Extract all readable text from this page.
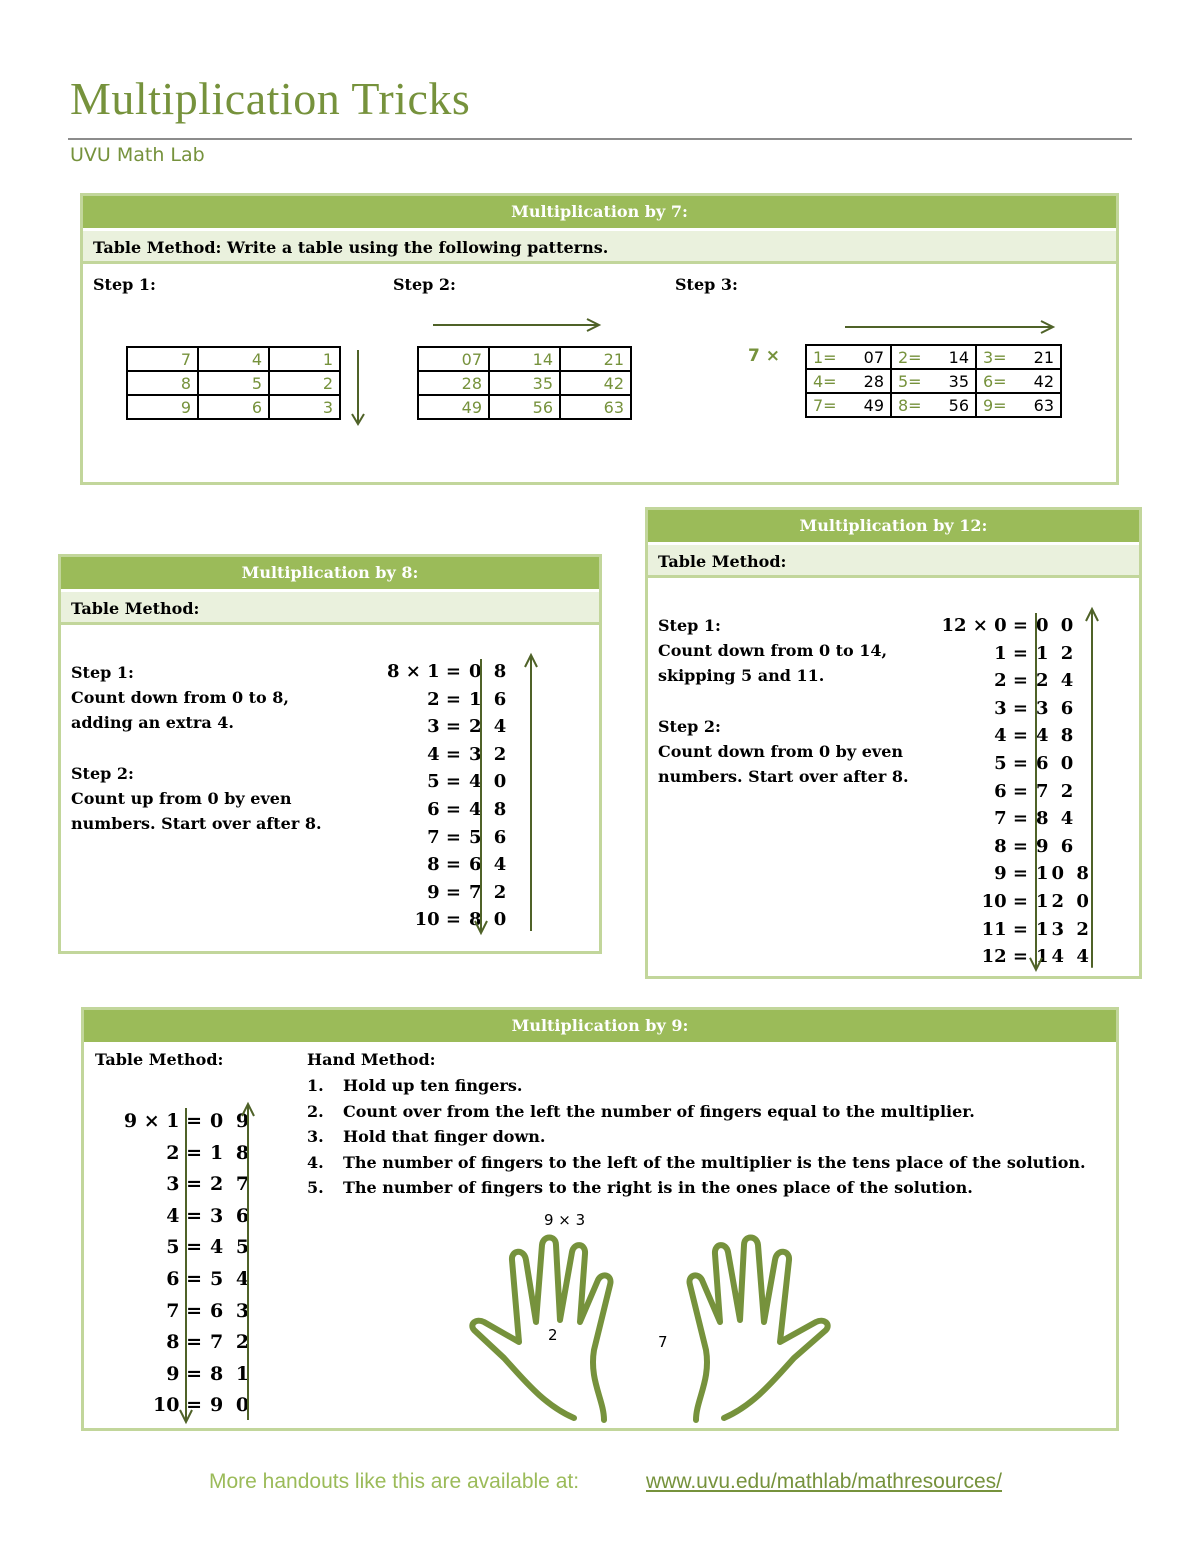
Multiplication Tricks
UVU Math Lab
Multiplication by 7:
Table Method: Write a table using the following patterns.
Step 1:	Step 2:	Step 3:
7	4	1
8	5	2
9	6	3
07	14	21
28	35	42
49	56	63
7 × 1= 07	2= 14	3= 21

4= 28	5= 35	6= 42

7= 49	8= 56	9= 63
Multiplication by 8:
Table Method:
Step 1:
Count down from 0 to 8,
adding an extra 4.
Step 2:
Count up from 0 by even
numbers. Start over after 8.
8 × 1 = 0 8
2 = 1 6
3 = 2 4
4 = 3 2
5 = 4 0
6 = 4 8
7 = 5 6
8 = 6 4
9 = 7 2
10 = 8 0
Multiplication by 12:
Table Method:
Step 1:
Count down from 0 to 14,
skipping 5 and 11.
Step 2:
Count down from 0 by even
numbers. Start over after 8.
12 × 0 = 0 0
1 = 1 2
2 = 2 4
3 = 3 6
4 = 4 8
5 = 6 0
6 = 7 2
7 = 8 4
8 = 9 6
9 = 10 8
10 = 12 0
11 = 13 2
12 = 14 4
Multiplication by 9:
Table Method:	Hand Method:
1. Hold up ten fingers.
2. Count over from the left the number of fingers equal to the multiplier.
3. Hold that finger down.
4. The number of fingers to the left of the multiplier is the tens place of the solution.
5. The number of fingers to the right is in the ones place of the solution.
9 × 1 = 0 9
2 = 1 8
3 = 2 7
4 = 3 6
5 = 4 5
6 = 5 4
7 = 6 3
8 = 7 2
9 = 8 1
10 = 9 0
9 × 3
2	7
More handouts like this are available at:	www.uvu.edu/mathlab/mathresources/
